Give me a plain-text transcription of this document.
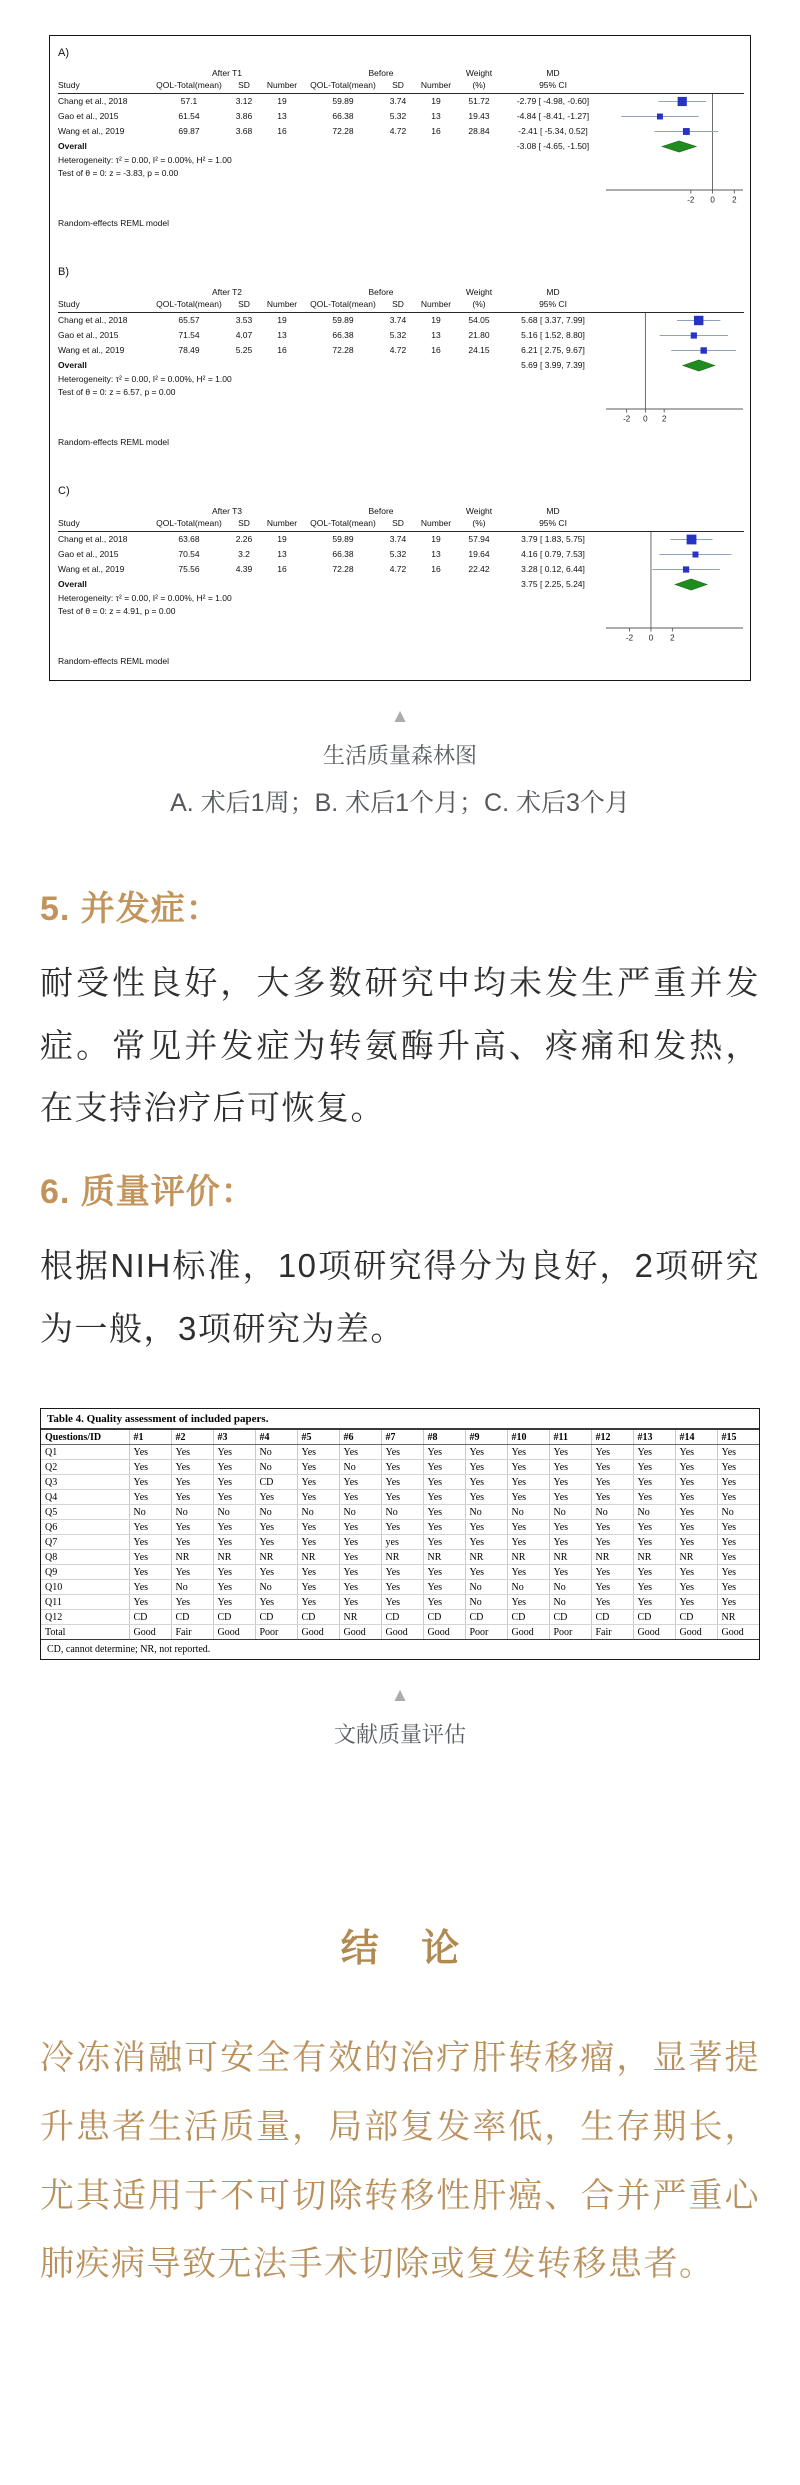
A)
After T1	Before	Weight	MD
Study	QOL-Total(mean)	SD	Number	QOL-Total(mean)	SD	Number	(%)	95% CI
Chang et al., 2018	57.1	3.12	19	59.89	3.74	19	51.72	-2.79 [ -4.98, -0.60]
Gao et al., 2015	61.54	3.86	13	66.38	5.32	13	19.43	-4.84 [ -8.41, -1.27]
Wang et al., 2019	69.87	3.68	16	72.28	4.72	16	28.84	-2.41 [ -5.34, 0.52]
Overall	-3.08 [ -4.65, -1.50]
Heterogeneity: τ² = 0.00, I² = 0.00%, H² = 1.00
Test of θ = 0: z = -3.83, p = 0.00
-2 0 2
Random-effects REML model
B)
After T2	Before	Weight	MD
Study	QOL-Total(mean)	SD	Number	QOL-Total(mean)	SD	Number	(%)	95% CI
Chang et al., 2018	65.57	3.53	19	59.89	3.74	19	54.05	5.68 [ 3.37, 7.99]
Gao et al., 2015	71.54	4.07	13	66.38	5.32	13	21.80	5.16 [ 1.52, 8.80]
Wang et al., 2019	78.49	5.25	16	72.28	4.72	16	24.15	6.21 [ 2.75, 9.67]
Overall	5.69 [ 3.99, 7.39]
Heterogeneity: τ² = 0.00, I² = 0.00%, H² = 1.00
Test of θ = 0: z = 6.57, p = 0.00
-2 0 2
Random-effects REML model
C)
After T3	Before	Weight	MD
Study	QOL-Total(mean)	SD	Number	QOL-Total(mean)	SD	Number	(%)	95% CI
Chang et al., 2018	63.68	2.26	19	59.89	3.74	19	57.94	3.79 [ 1.83, 5.75]
Gao et al., 2015	70.54	3.2	13	66.38	5.32	13	19.64	4.16 [ 0.79, 7.53]
Wang et al., 2019	75.56	4.39	16	72.28	4.72	16	22.42	3.28 [ 0.12, 6.44]
Overall	3.75 [ 2.25, 5.24]
Heterogeneity: τ² = 0.00, I² = 0.00%, H² = 1.00
Test of θ = 0: z = 4.91, p = 0.00
-2 0 2
Random-effects REML model
▲
生活质量森林图
A. 术后1周；B. 术后1个月；C. 术后3个月
5. 并发症：

耐受性良好，大多数研究中均未发生严重并发症。常见并发症为转氨酶升高、疼痛和发热，在支持治疗后可恢复。

6. 质量评价：

根据NIH标准，10项研究得分为良好，2项研究为一般，3项研究为差。

Table 4. Quality assessment of included papers.
Questions/ID	#1	#2	#3	#4	#5	#6	#7	#8	#9	#10	#11	#12	#13	#14	#15
Q1	Yes	Yes	Yes	No	Yes	Yes	Yes	Yes	Yes	Yes	Yes	Yes	Yes	Yes	Yes
Q2	Yes	Yes	Yes	No	Yes	No	Yes	Yes	Yes	Yes	Yes	Yes	Yes	Yes	Yes
Q3	Yes	Yes	Yes	CD	Yes	Yes	Yes	Yes	Yes	Yes	Yes	Yes	Yes	Yes	Yes
Q4	Yes	Yes	Yes	Yes	Yes	Yes	Yes	Yes	Yes	Yes	Yes	Yes	Yes	Yes	Yes
Q5	No	No	No	No	No	No	No	Yes	No	No	No	No	No	Yes	No
Q6	Yes	Yes	Yes	Yes	Yes	Yes	Yes	Yes	Yes	Yes	Yes	Yes	Yes	Yes	Yes
Q7	Yes	Yes	Yes	Yes	Yes	Yes	yes	Yes	Yes	Yes	Yes	Yes	Yes	Yes	Yes
Q8	Yes	NR	NR	NR	NR	Yes	NR	NR	NR	NR	NR	NR	NR	NR	Yes
Q9	Yes	Yes	Yes	Yes	Yes	Yes	Yes	Yes	Yes	Yes	Yes	Yes	Yes	Yes	Yes
Q10	Yes	No	Yes	No	Yes	Yes	Yes	Yes	No	No	No	Yes	Yes	Yes	Yes
Q11	Yes	Yes	Yes	Yes	Yes	Yes	Yes	Yes	No	Yes	No	Yes	Yes	Yes	Yes
Q12	CD	CD	CD	CD	CD	NR	CD	CD	CD	CD	CD	CD	CD	CD	NR
Total	Good	Fair	Good	Poor	Good	Good	Good	Good	Poor	Good	Poor	Fair	Good	Good	Good
CD, cannot determine; NR, not reported.
▲
文献质量评估
结 论

冷冻消融可安全有效的治疗肝转移瘤，显著提升患者生活质量，局部复发率低，生存期长，尤其适用于不可切除转移性肝癌、合并严重心肺疾病导致无法手术切除或复发转移患者。
